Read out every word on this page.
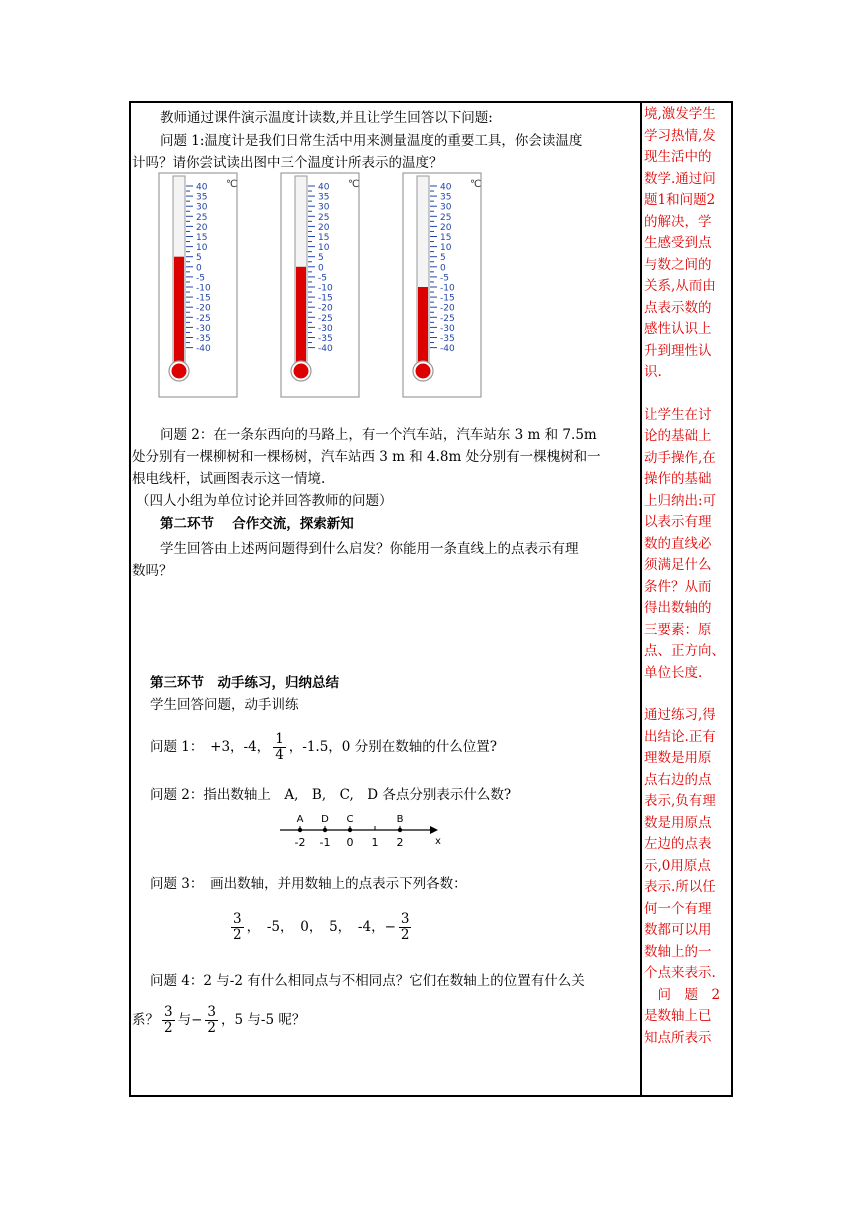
教师通过课件演示温度计读数,并且让学生回答以下问题:
问题 1:温度计是我们日常生活中用来测量温度的重要工具，你会读温度
计吗？请你尝试读出图中三个温度计所表示的温度？
40
35
30
25
20
15
10
5
0
-5
-10
-15
-20
-25
-30
-35
-40
℃	40
35
30
25
20
15
10
5
0
-5
-10
-15
-20
-25
-30
-35
-40
℃	40
35
30
25
20
15
10
5
0
-5
-10
-15
-20
-25
-30
-35
-40
℃
问题 2：在一条东西向的马路上，有一个汽车站，汽车站东 3 m 和 7.5m
处分别有一棵柳树和一棵杨树，汽车站西 3 m 和 4.8m 处分别有一棵槐树和一
根电线杆，试画图表示这一情境.
（四人小组为单位讨论并回答教师的问题）
第二环节　 合作交流，探索新知
学生回答由上述两问题得到什么启发？你能用一条直线上的点表示有理
数吗？
第三环节　动手练习，归纳总结
学生回答问题，动手训练
问题 1：　+3，-4， $\frac{1}{4}$ ，-1.5，0 分别在数轴的什么位置?
问题 2：指出数轴上　A,　B,　C,　D 各点分别表示什么数?
x
-2 -1 0 1 2
A D C	B
问题 3：　画出数轴，并用数轴上的点表示下列各数：
$\frac{3}{2}$ ，　-5，　0，　5，　-4，− $\frac{3}{2}$
问题 4：2 与-2 有什么相同点与不相同点？它们在数轴上的位置有什么关
系？ $\frac{3}{2}$ 与− $\frac{3}{2}$ ，5 与-5 呢？

境,激发学生

学习热情,发

现生活中的

数学.通过问

题1和问题2

的解决，学

生感受到点

与数之间的

关系,从而由

点表示数的

感性认识上

升到理性认

识.

让学生在讨

论的基础上

动手操作,在

操作的基础

上归纳出:可

以表示有理

数的直线必

须满足什么

条件？从而

得出数轴的

三要素：原

点、正方向、

单位长度.

通过练习,得

出结论.正有

理数是用原

点右边的点

表示,负有理

数是用原点

左边的点表

示,0用原点

表示.所以任

何一个有理

数都可以用

数轴上的一

个点来表示.

　问　题　2

是数轴上已

知点所表示
